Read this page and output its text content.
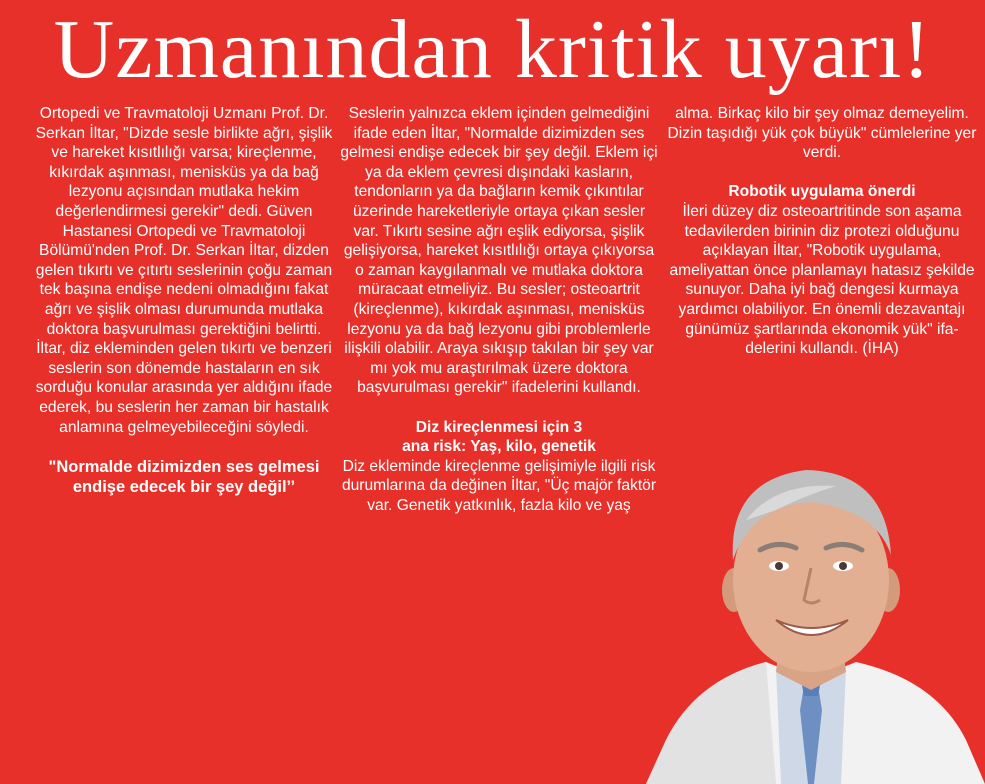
Uzmanından kritik uyarı!

Ortopedi ve Travmatoloji Uzmanı Prof. Dr. Serkan İltar, "Dizde sesle birlikte ağrı, şişlik ve hareket kısıtlılığı varsa; kireçlenme, kıkırdak aşınması, menisküs ya da bağ lezyonu açısından mutlaka hekim değerlendirmesi gerekir" dedi. Güven Hastanesi Ortopedi ve Travmatoloji Bölümü'nden Prof. Dr. Serkan İltar, dizden gelen tıkırtı ve çıtırtı seslerinin çoğu zaman tek başına endişe nedeni olmadığını fakat ağrı ve şişlik olması durumunda mutlaka doktora başvurulması gerektiğini belirtti. İltar, diz ekleminden gelen tıkırtı ve benzeri seslerin son dönemde hastaların en sık sorduğu konular arasında yer aldığını ifade ederek, bu seslerin her zaman bir hastalık anlamına gelmeyebileceğini söyledi.

"Normalde dizimizden ses gelmesi endişe edecek bir şey değil’’

Seslerin yalnızca eklem içinden gelmediğini ifade eden İltar, "Normalde dizimizden ses gelmesi endişe edecek bir şey değil. Eklem içi ya da eklem çevresi dışındaki kasların, tendonların ya da bağların kemik çıkıntılar üzerinde hareketleriyle ortaya çıkan sesler var. Tıkırtı sesine ağrı eşlik ediyorsa, şişlik gelişiyorsa, hareket kısıtlılığı ortaya çıkıyorsa o zaman kaygılanmalı ve mutlaka doktora müracaat etmeliyiz. Bu sesler; osteoartrit (kireçlenme), kıkırdak aşınması, menisküs lezyonu ya da bağ lezyonu gibi problemlerle ilişkili olabilir. Araya sıkışıp takılan bir şey var mı yok mu araştırılmak üzere doktora başvurulması gerekir" ifadelerini kullandı.

Diz kireçlenmesi için 3
ana risk: Yaş, kilo, genetik

Diz ekleminde kireçlenme gelişimiyle ilgili risk durumlarına da değinen İltar, "Üç majör faktör var. Genetik yatkınlık, fazla kilo ve yaş

alma. Birkaç kilo bir şey olmaz demeyelim. Dizin taşıdığı yük çok büyük" cümlelerine yer verdi.

Robotik uygulama önerdi

İleri düzey diz osteoartritinde son aşama tedavilerden birinin diz protezi olduğunu açıklayan İltar, "Robotik uygulama, ameliyattan önce planlamayı hatasız şekilde sunuyor. Daha iyi bağ dengesi kurmaya yardımcı olabiliyor. En önemli dezavantajı günümüz şartlarında ekonomik yük" ifa-delerini kullandı. (İHA)
